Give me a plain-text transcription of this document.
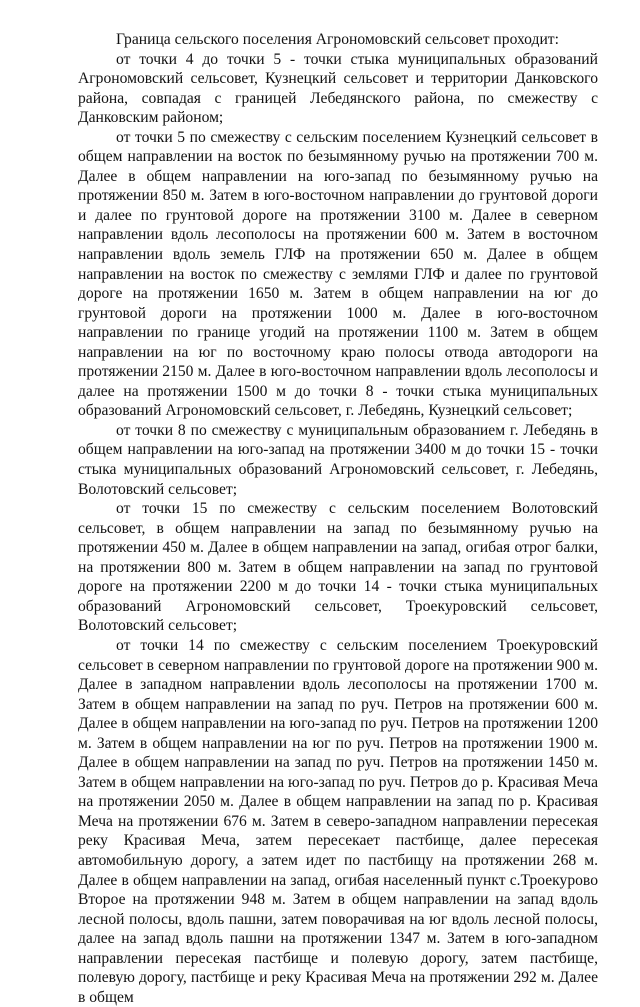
Граница сельского поселения Агрономовский сельсовет проходит:

от точки 4 до точки 5 - точки стыка муниципальных образований Агрономовский сельсовет, Кузнецкий сельсовет и территории Данковского района, совпадая с границей Лебедянского района, по смежеству с Данковским районом;

от точки 5 по смежеству с сельским поселением Кузнецкий сельсовет в общем направлении на восток по безымянному ручью на протяжении 700 м. Далее в общем направлении на юго-запад по безымянному ручью на протяжении 850 м. Затем в юго-восточном направлении до грунтовой дороги и далее по грунтовой дороге на протяжении 3100 м. Далее в северном направлении вдоль лесополосы на протяжении 600 м. Затем в восточном направлении вдоль земель ГЛФ на протяжении 650 м. Далее в общем направлении на восток по смежеству с землями ГЛФ и далее по грунтовой дороге на протяжении 1650 м. Затем в общем направлении на юг до грунтовой дороги на протяжении 1000 м. Далее в юго-восточном направлении по границе угодий на протяжении 1100 м. Затем в общем направлении на юг по восточному краю полосы отвода автодороги на протяжении 2150 м. Далее в юго-восточном направлении вдоль лесополосы и далее на протяжении 1500 м до точки 8 - точки стыка муниципальных образований Агрономовский сельсовет, г. Лебедянь, Кузнецкий сельсовет;

от точки 8 по смежеству с муниципальным образованием г. Лебедянь в общем направлении на юго-запад на протяжении 3400 м до точки 15 - точки стыка муниципальных образований Агрономовский сельсовет, г. Лебедянь, Волотовский сельсовет;

от точки 15 по смежеству с сельским поселением Волотовский сельсовет, в общем направлении на запад по безымянному ручью на протяжении 450 м. Далее в общем направлении на запад, огибая отрог балки, на протяжении 800 м. Затем в общем направлении на запад по грунтовой дороге на протяжении 2200 м до точки 14 - точки стыка муниципальных образований Агрономовский сельсовет, Троекуровский сельсовет, Волотовский сельсовет;

от точки 14 по смежеству с сельским поселением Троекуровский сельсовет в северном направлении по грунтовой дороге на протяжении 900 м. Далее в западном направлении вдоль лесополосы на протяжении 1700 м. Затем в общем направлении на запад по руч. Петров на протяжении 600 м. Далее в общем направлении на юго-запад по руч. Петров на протяжении 1200 м. Затем в общем направлении на юг по руч. Петров на протяжении 1900 м. Далее в общем направлении на запад по руч. Петров на протяжении 1450 м. Затем в общем направлении на юго-запад по руч. Петров до р. Красивая Меча на протяжении 2050 м. Далее в общем направлении на запад по р. Красивая Меча на протяжении 676 м. Затем в северо-западном направлении пересекая реку Красивая Меча, затем пересекает пастбище, далее пересекая автомобильную дорогу, а затем идет по пастбищу на протяжении 268 м. Далее в общем направлении на запад, огибая населенный пункт с.Троекурово Второе на протяжении 948 м. Затем в общем направлении на запад вдоль лесной полосы, вдоль пашни, затем поворачивая на юг вдоль лесной полосы, далее на запад вдоль пашни на протяжении 1347 м. Затем в юго-западном направлении пересекая пастбище и полевую дорогу, затем пастбище, полевую дорогу, пастбище и реку Красивая Меча на протяжении 292 м. Далее в общем
